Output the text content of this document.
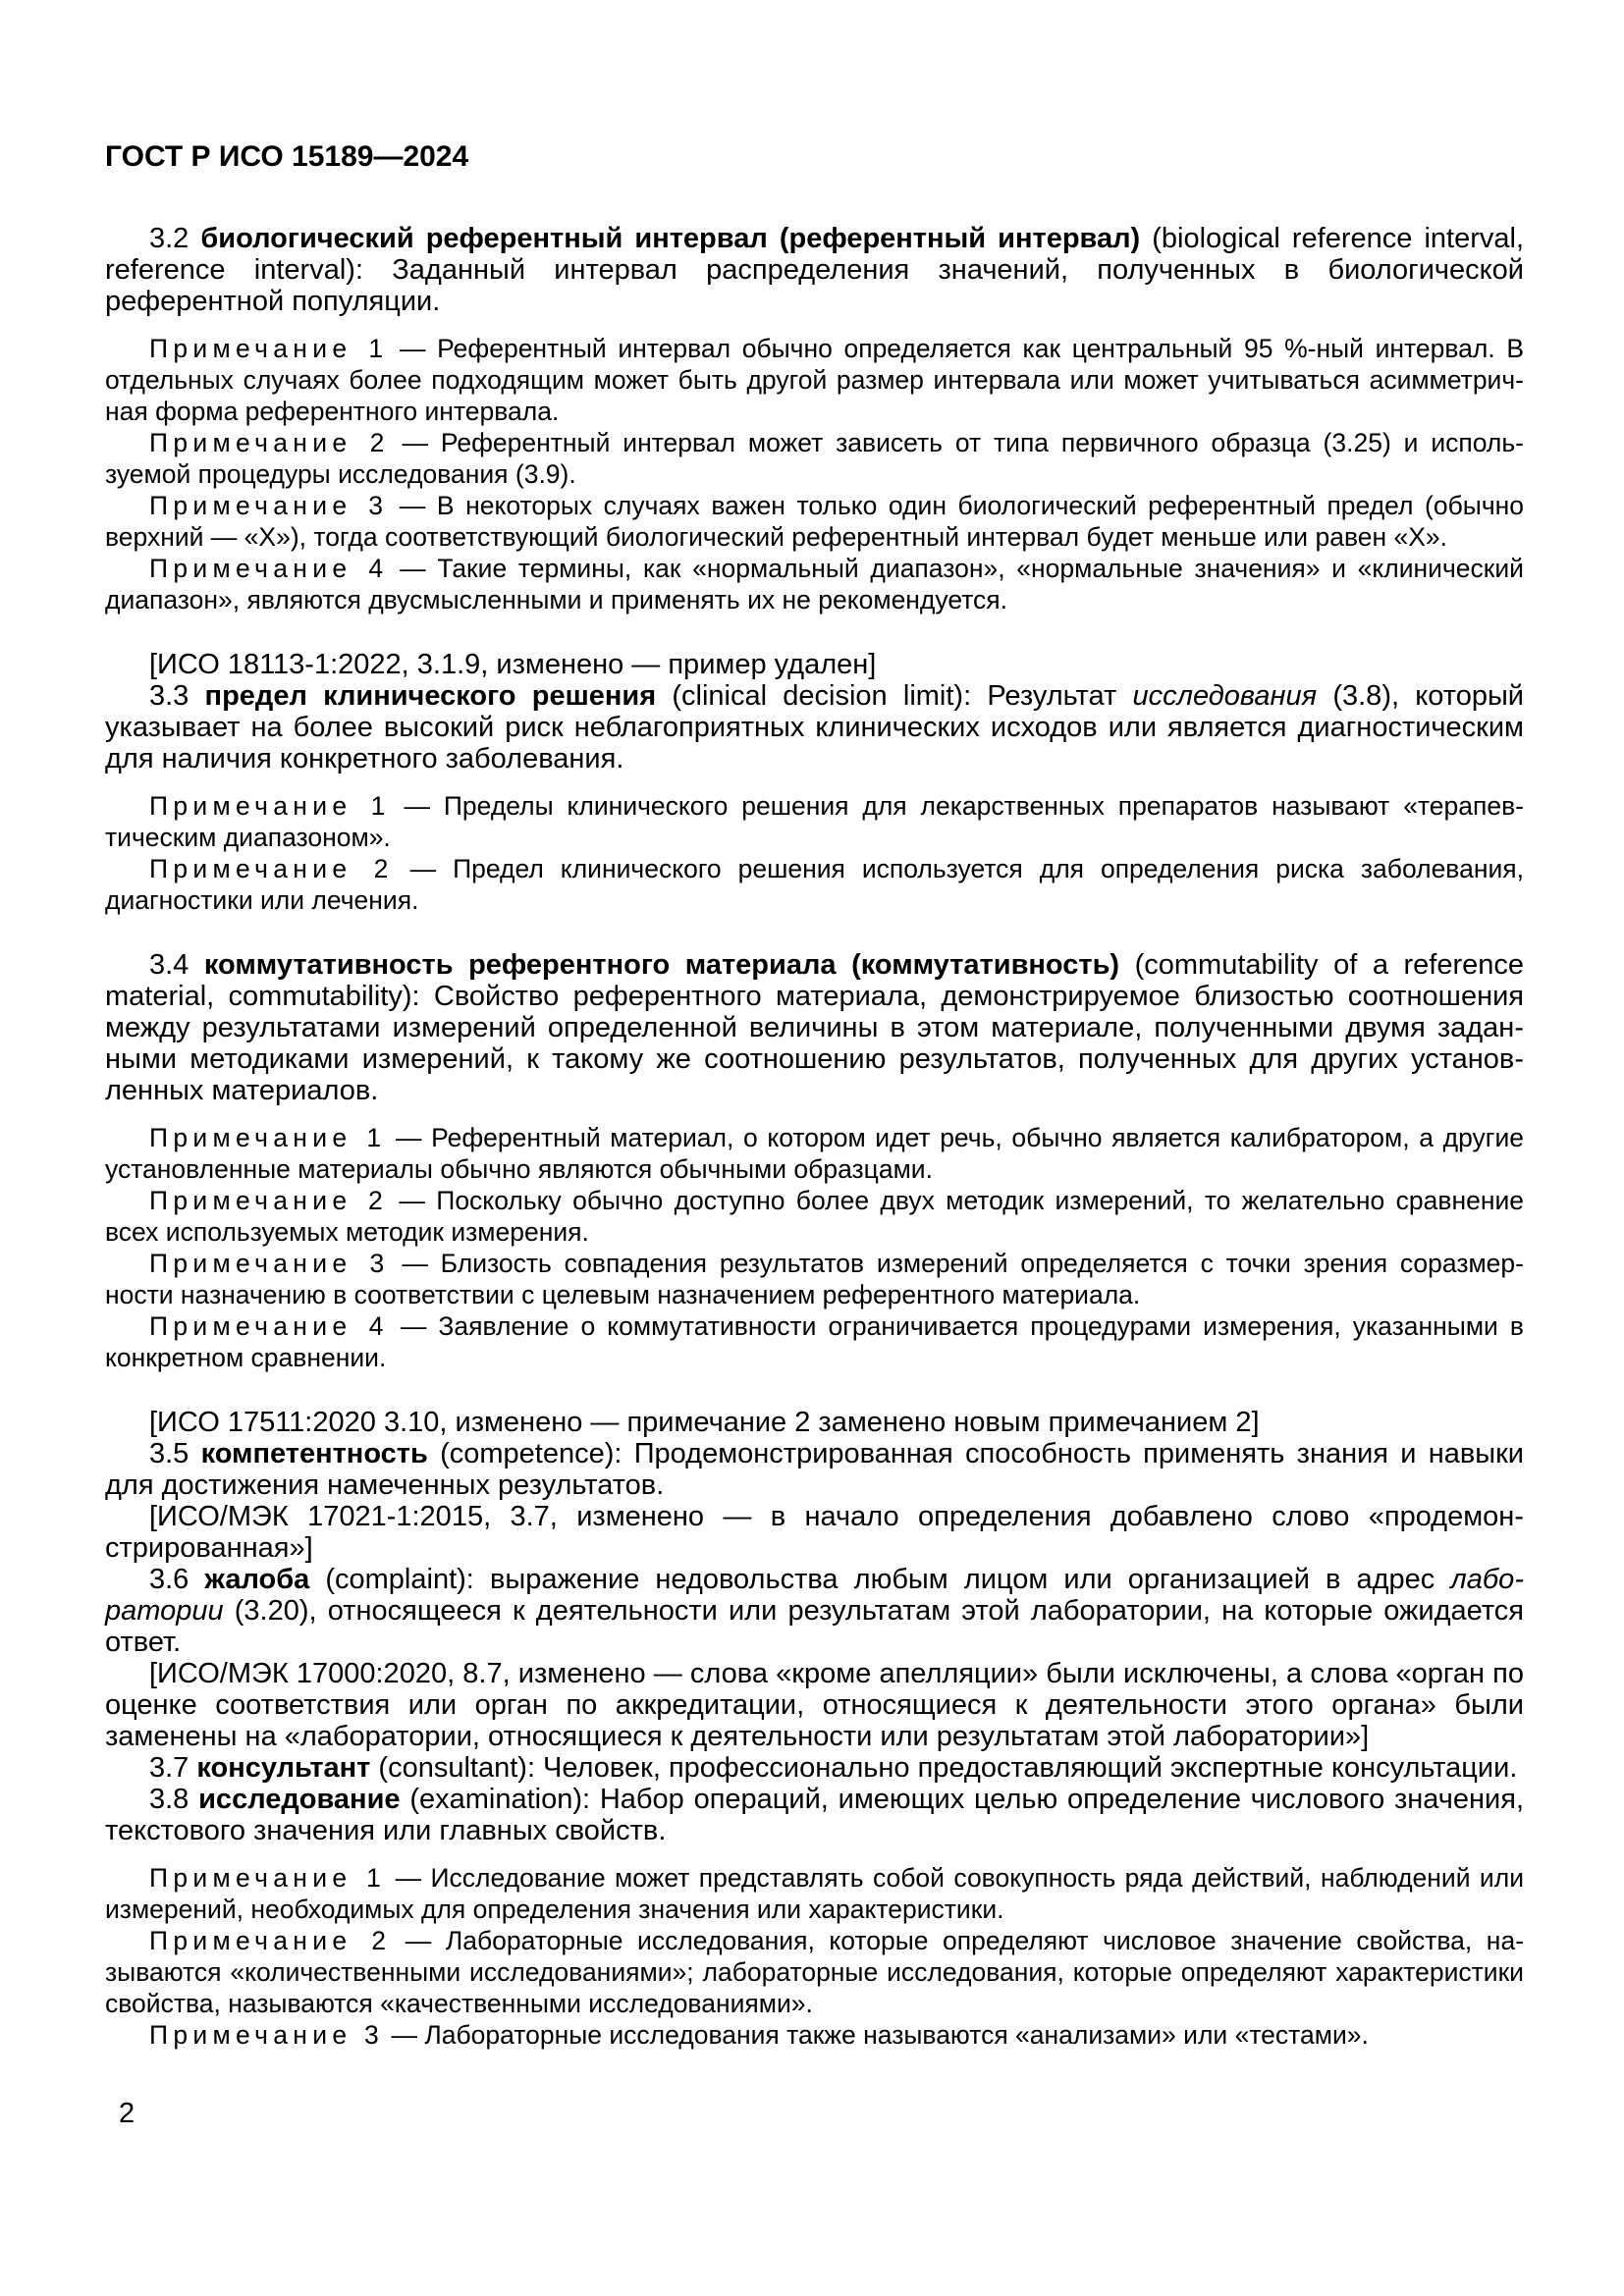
ГОСТ Р ИСО 15189—2024

3.2 биологический референтный интервал (референтный интервал) (biological reference interval, reference interval): Заданный интервал распределения значений, полученных в биологической референтной популяции.

Примечание 1 — Референтный интервал обычно определяется как центральный 95 %-ный интервал. В отдельных случаях более подходящим может быть другой размер интервала или может учитываться асимметричная форма референтного интервала.

Примечание 2 — Референтный интервал может зависеть от типа первичного образца (3.25) и используемой процедуры исследования (3.9).

Примечание 3 — В некоторых случаях важен только один биологический референтный предел (обычно верхний — «X»), тогда соответствующий биологический референтный интервал будет меньше или равен «X».

Примечание 4 — Такие термины, как «нормальный диапазон», «нормальные значения» и «клинический диапазон», являются двусмысленными и применять их не рекомендуется.

[ИСО 18113-1:2022, 3.1.9, изменено — пример удален]

3.3 предел клинического решения (clinical decision limit): Результат исследования (3.8), который указывает на более высокий риск неблагоприятных клинических исходов или является диагностическим для наличия конкретного заболевания.

Примечание 1 — Пределы клинического решения для лекарственных препаратов называют «терапевтическим диапазоном».

Примечание 2 — Предел клинического решения используется для определения риска заболевания, диагностики или лечения.

3.4 коммутативность референтного материала (коммутативность) (commutability of a reference material, commutability): Свойство референтного материала, демонстрируемое близостью соотношения между результатами измерений определенной величины в этом материале, полученными двумя заданными методиками измерений, к такому же соотношению результатов, полученных для других установленных материалов.

Примечание 1 — Референтный материал, о котором идет речь, обычно является калибратором, а другие установленные материалы обычно являются обычными образцами.

Примечание 2 — Поскольку обычно доступно более двух методик измерений, то желательно сравнение всех используемых методик измерения.

Примечание 3 — Близость совпадения результатов измерений определяется с точки зрения соразмерности назначению в соответствии с целевым назначением референтного материала.

Примечание 4 — Заявление о коммутативности ограничивается процедурами измерения, указанными в конкретном сравнении.

[ИСО 17511:2020 3.10, изменено — примечание 2 заменено новым примечанием 2]

3.5 компетентность (competence): Продемонстрированная способность применять знания и навыки для достижения намеченных результатов.

[ИСО/МЭК 17021-1:2015, 3.7, изменено — в начало определения добавлено слово «продемонстрированная»]

3.6 жалоба (complaint): выражение недовольства любым лицом или организацией в адрес лаборатории (3.20), относящееся к деятельности или результатам этой лаборатории, на которые ожидается ответ.

[ИСО/МЭК 17000:2020, 8.7, изменено — слова «кроме апелляции» были исключены, а слова «орган по оценке соответствия или орган по аккредитации, относящиеся к деятельности этого органа» были заменены на «лаборатории, относящиеся к деятельности или результатам этой лаборатории»]

3.7 консультант (consultant): Человек, профессионально предоставляющий экспертные консультации.

3.8 исследование (examination): Набор операций, имеющих целью определение числового значения, текстового значения или главных свойств.

Примечание 1 — Исследование может представлять собой совокупность ряда действий, наблюдений или измерений, необходимых для определения значения или характеристики.

Примечание 2 — Лабораторные исследования, которые определяют числовое значение свойства, называются «количественными исследованиями»; лабораторные исследования, которые определяют характеристики свойства, называются «качественными исследованиями».

Примечание 3 — Лабораторные исследования также называются «анализами» или «тестами».

2
